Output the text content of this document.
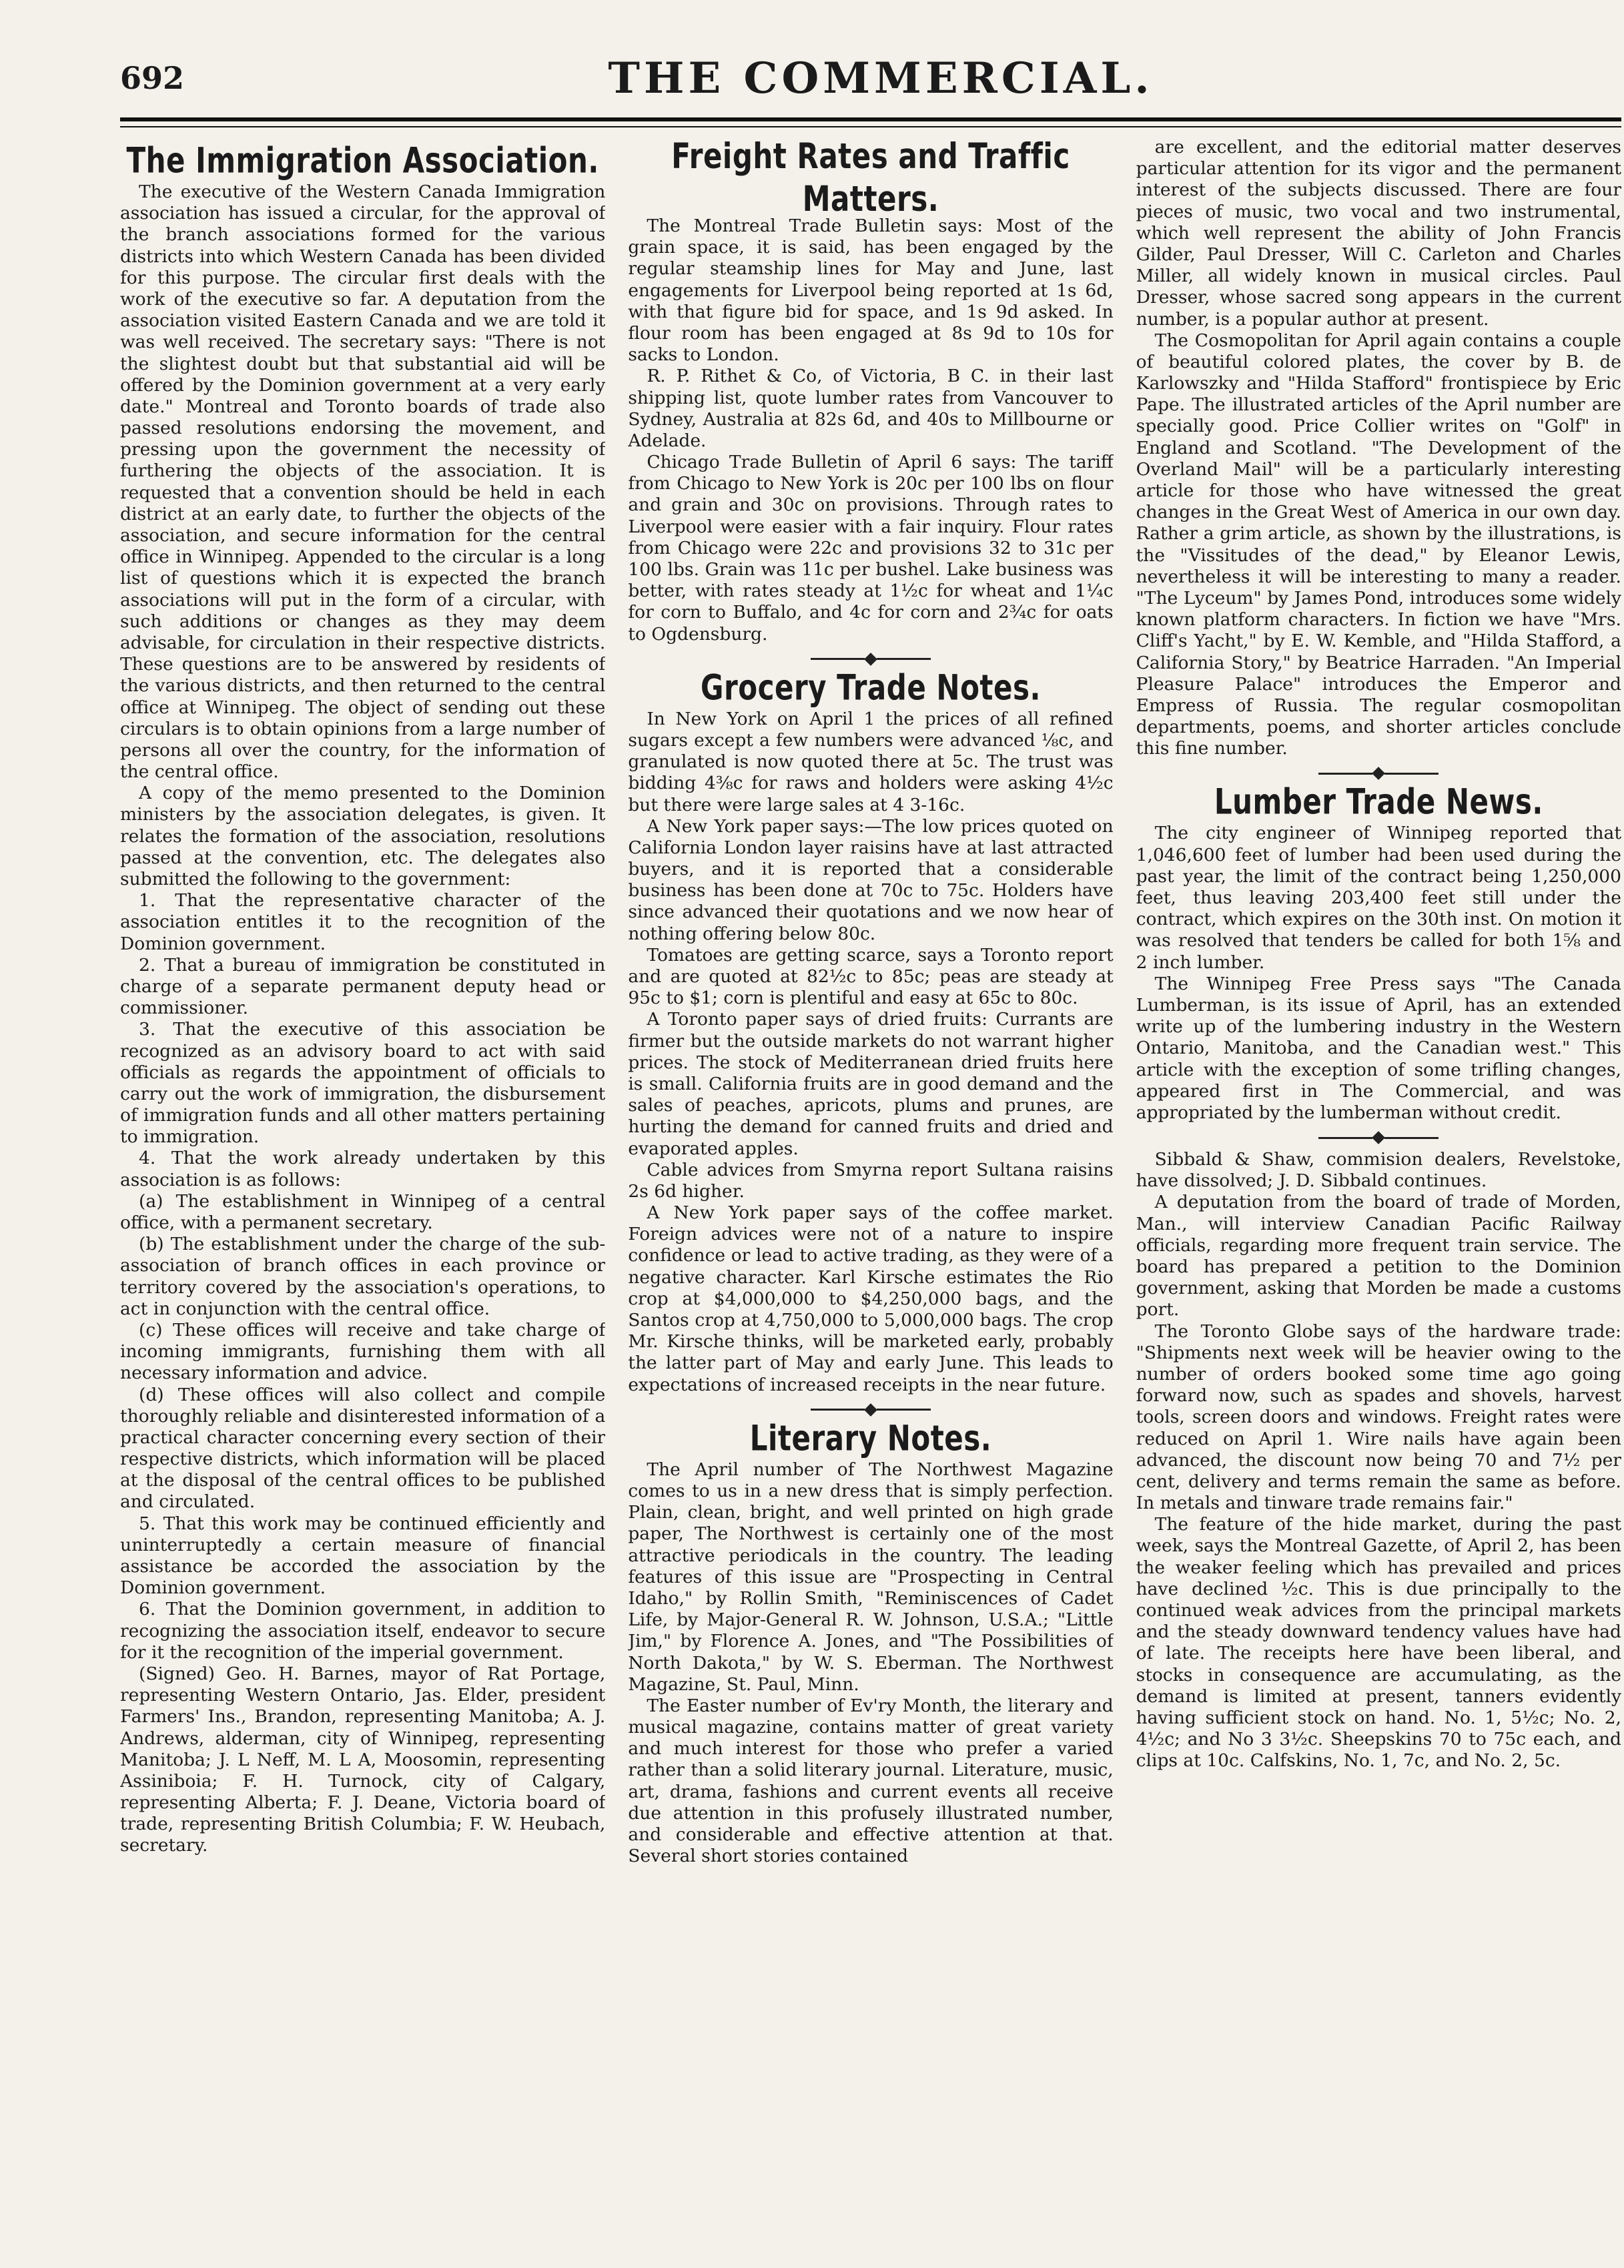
692	THE COMMERCIAL.
The Immigration Association.

The executive of the Western Canada Immigration association has issued a circular, for the approval of the branch associations formed for the various districts into which Western Canada has been divided for this purpose. The circular first deals with the work of the executive so far. A deputation from the association visited Eastern Canada and we are told it was well received. The secretary says: "There is not the slightest doubt but that substantial aid will be offered by the Dominion government at a very early date." Montreal and Toronto boards of trade also passed resolutions endorsing the movement, and pressing upon the government the necessity of furthering the objects of the association. It is requested that a convention should be held in each district at an early date, to further the objects of the association, and secure information for the central office in Winnipeg. Appended to the circular is a long list of questions which it is expected the branch associations will put in the form of a circular, with such additions or changes as they may deem advisable, for circulation in their respective districts. These questions are to be answered by residents of the various districts, and then returned to the central office at Winnipeg. The object of sending out these circulars is to obtain opinions from a large number of persons all over the country, for the information of the central office.

A copy of the memo presented to the Dominion ministers by the association delegates, is given. It relates the formation of the association, resolutions passed at the convention, etc. The delegates also submitted the following to the government:

1. That the representative character of the association entitles it to the recognition of the Dominion government.

2. That a bureau of immigration be constituted in charge of a separate permanent deputy head or commissioner.

3. That the executive of this association be recognized as an advisory board to act with said officials as regards the appointment of officials to carry out the work of immigration, the disbursement of immigration funds and all other matters pertaining to immigration.

4. That the work already undertaken by this association is as follows:

(a) The establishment in Winnipeg of a central office, with a permanent secretary.

(b) The establishment under the charge of the sub-association of branch offices in each province or territory covered by the association's operations, to act in conjunction with the central office.

(c) These offices will receive and take charge of incoming immigrants, furnishing them with all necessary information and advice.

(d) These offices will also collect and compile thoroughly reliable and disinterested information of a practical character concerning every section of their respective districts, which information will be placed at the disposal of the central offices to be published and circulated.

5. That this work may be continued efficiently and uninterruptedly a certain measure of financial assistance be accorded the association by the Dominion government.

6. That the Dominion government, in addition to recognizing the association itself, endeavor to secure for it the recognition of the imperial government.

(Signed) Geo. H. Barnes, mayor of Rat Portage, representing Western Ontario, Jas. Elder, president Farmers' Ins., Brandon, representing Manitoba; A. J. Andrews, alderman, city of Winnipeg, representing Manitoba; J. L Neff, M. L A, Moosomin, representing Assiniboia; F. H. Turnock, city of Calgary, representing Alberta; F. J. Deane, Victoria board of trade, representing British Columbia; F. W. Heubach, secretary.

Freight Rates and Traffic Matters.

The Montreal Trade Bulletin says: Most of the grain space, it is said, has been engaged by the regular steamship lines for May and June, last engagements for Liverpool being reported at 1s 6d, with that figure bid for space, and 1s 9d asked. In flour room has been engaged at 8s 9d to 10s for sacks to London.

R. P. Rithet & Co, of Victoria, B C. in their last shipping list, quote lumber rates from Vancouver to Sydney, Australia at 82s 6d, and 40s to Millbourne or Adelade.

Chicago Trade Bulletin of April 6 says: The tariff from Chicago to New York is 20c per 100 lbs on flour and grain and 30c on provisions. Through rates to Liverpool were easier with a fair inquiry. Flour rates from Chicago were 22c and provisions 32 to 31c per 100 lbs. Grain was 11c per bushel. Lake business was better, with rates steady at 1½c for wheat and 1¼c for corn to Buffalo, and 4c for corn and 2¾c for oats to Ogdensburg.

Grocery Trade Notes.

In New York on April 1 the prices of all refined sugars except a few numbers were advanced ⅛c, and granulated is now quoted there at 5c. The trust was bidding 4⅜c for raws and holders were asking 4½c but there were large sales at 4 3-16c.

A New York paper says:—The low prices quoted on California London layer raisins have at last attracted buyers, and it is reported that a considerable business has been done at 70c to 75c. Holders have since advanced their quotations and we now hear of nothing offering below 80c.

Tomatoes are getting scarce, says a Toronto report and are quoted at 82½c to 85c; peas are steady at 95c to $1; corn is plentiful and easy at 65c to 80c.

A Toronto paper says of dried fruits: Currants are firmer but the outside markets do not warrant higher prices. The stock of Mediterranean dried fruits here is small. California fruits are in good demand and the sales of peaches, apricots, plums and prunes, are hurting the demand for canned fruits and dried and evaporated apples.

Cable advices from Smyrna report Sultana raisins 2s 6d higher.

A New York paper says of the coffee market. Foreign advices were not of a nature to inspire confidence or lead to active trading, as they were of a negative character. Karl Kirsche estimates the Rio crop at $4,000,000 to $4,250,000 bags, and the Santos crop at 4,750,000 to 5,000,000 bags. The crop Mr. Kirsche thinks, will be marketed early, probably the latter part of May and early June. This leads to expectations of increased receipts in the near future.

Literary Notes.

The April number of The Northwest Magazine comes to us in a new dress that is simply perfection. Plain, clean, bright, and well printed on high grade paper, The Northwest is certainly one of the most attractive periodicals in the country. The leading features of this issue are "Prospecting in Central Idaho," by Rollin Smith, "Reminiscences of Cadet Life, by Major-General R. W. Johnson, U.S.A.; "Little Jim," by Florence A. Jones, and "The Possibilities of North Dakota," by W. S. Eberman. The Northwest Magazine, St. Paul, Minn.

The Easter number of Ev'ry Month, the literary and musical magazine, contains matter of great variety and much interest for those who prefer a varied rather than a solid literary journal. Literature, music, art, drama, fashions and current events all receive due attention in this profusely illustrated number, and considerable and effective attention at that. Several short stories contained

are excellent, and the editorial matter deserves particular attention for its vigor and the permanent interest of the subjects discussed. There are four pieces of music, two vocal and two instrumental, which well represent the ability of John Francis Gilder, Paul Dresser, Will C. Carleton and Charles Miller, all widely known in musical circles. Paul Dresser, whose sacred song appears in the current number, is a popular author at present.

The Cosmopolitan for April again contains a couple of beautiful colored plates, the cover by B. de Karlowszky and "Hilda Stafford" frontispiece by Eric Pape. The illustrated articles of the April number are specially good. Price Collier writes on "Golf" in England and Scotland. "The Development of the Overland Mail" will be a particularly interesting article for those who have witnessed the great changes in the Great West of America in our own day. Rather a grim article, as shown by the illustrations, is the "Vissitudes of the dead," by Eleanor Lewis, nevertheless it will be interesting to many a reader. "The Lyceum" by James Pond, introduces some widely known platform characters. In fiction we have "Mrs. Cliff's Yacht," by E. W. Kemble, and "Hilda Stafford, a California Story," by Beatrice Harraden. "An Imperial Pleasure Palace" introduces the Emperor and Empress of Russia. The regular cosmopolitan departments, poems, and shorter articles conclude this fine number.

Lumber Trade News.

The city engineer of Winnipeg reported that 1,046,600 feet of lumber had been used during the past year, the limit of the contract being 1,250,000 feet, thus leaving 203,400 feet still under the contract, which expires on the 30th inst. On motion it was resolved that tenders be called for both 1⅝ and 2 inch lumber.

The Winnipeg Free Press says "The Canada Lumberman, is its issue of April, has an extended write up of the lumbering industry in the Western Ontario, Manitoba, and the Canadian west." This article with the exception of some trifling changes, appeared first in The Commercial, and was appropriated by the lumberman without credit.

Sibbald & Shaw, commision dealers, Revelstoke, have dissolved; J. D. Sibbald continues.

A deputation from the board of trade of Morden, Man., will interview Canadian Pacific Railway officials, regarding more frequent train service. The board has prepared a petition to the Dominion government, asking that Morden be made a customs port.

The Toronto Globe says of the hardware trade: "Shipments next week will be heavier owing to the number of orders booked some time ago going forward now, such as spades and shovels, harvest tools, screen doors and windows. Freight rates were reduced on April 1. Wire nails have again been advanced, the discount now being 70 and 7½ per cent, delivery and terms remain the same as before. In metals and tinware trade remains fair."

The feature of the hide market, during the past week, says the Montreal Gazette, of April 2, has been the weaker feeling which has prevailed and prices have declined ½c. This is due principally to the continued weak advices from the principal markets and the steady downward tendency values have had of late. The receipts here have been liberal, and stocks in consequence are accumulating, as the demand is limited at present, tanners evidently having sufficient stock on hand. No. 1, 5½c; No. 2, 4½c; and No 3 3½c. Sheepskins 70 to 75c each, and clips at 10c. Calfskins, No. 1, 7c, and No. 2, 5c.
